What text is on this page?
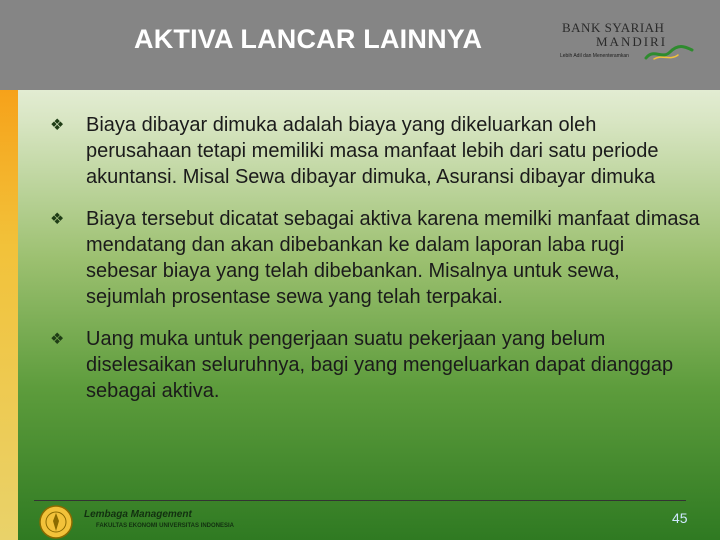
AKTIVA LANCAR LAINNYA	BANK SYARIAH
MANDIRI
Lebih Adil dan Menenteramkan
❖ Biaya dibayar dimuka adalah biaya yang dikeluarkan oleh perusahaan tetapi memiliki masa manfaat lebih dari satu periode akuntansi. Misal Sewa dibayar dimuka, Asuransi dibayar dimuka
❖ Biaya tersebut dicatat sebagai aktiva karena memilki manfaat dimasa mendatang dan akan dibebankan ke dalam laporan laba rugi sebesar biaya yang telah dibebankan. Misalnya untuk sewa, sejumlah prosentase sewa yang telah terpakai.
❖ Uang muka untuk pengerjaan suatu pekerjaan yang belum diselesaikan seluruhnya, bagi yang mengeluarkan dapat dianggap sebagai aktiva.
Lembaga Management
FAKULTAS EKONOMI UNIVERSITAS INDONESIA	45
